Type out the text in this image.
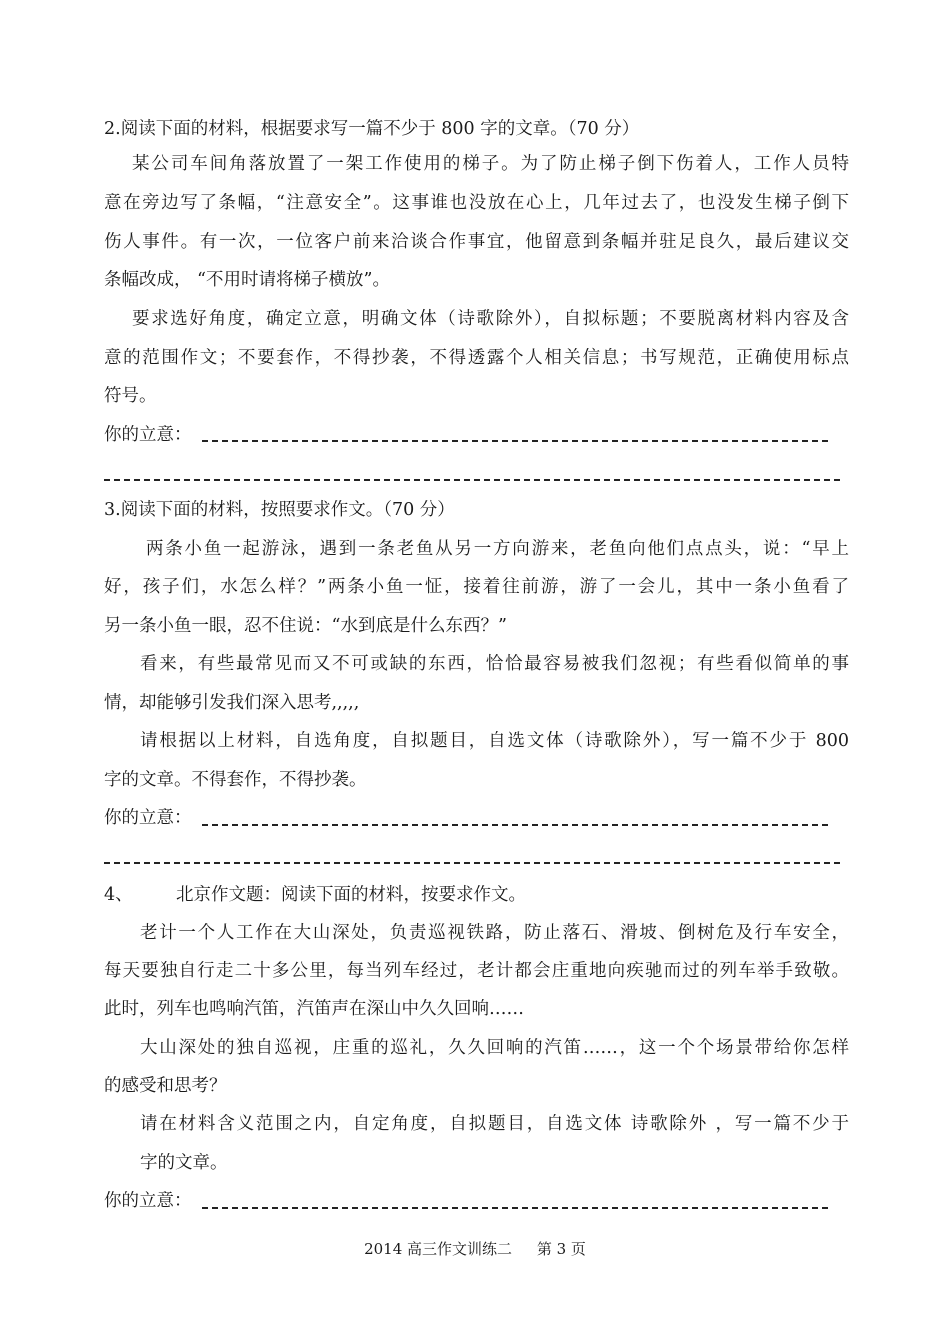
2.阅读下面的材料，根据要求写一篇不少于 800 字的文章。（70 分）
某公司车间角落放置了一架工作使用的梯子。为了防止梯子倒下伤着人，工作人员特
意在旁边写了条幅，“注意安全”。这事谁也没放在心上，几年过去了，也没发生梯子倒下
伤人事件。有一次，一位客户前来洽谈合作事宜，他留意到条幅并驻足良久，最后建议交
条幅改成， “不用时请将梯子横放”。
要求选好角度，确定立意，明确文体（诗歌除外），自拟标题；不要脱离材料内容及含
意的范围作文；不要套作，不得抄袭，不得透露个人相关信息；书写规范，正确使用标点
符号。
你的立意：
3.阅读下面的材料，按照要求作文。（70 分）
两条小鱼一起游泳，遇到一条老鱼从另一方向游来，老鱼向他们点点头，说：“早上
好，孩子们，水怎么样？”两条小鱼一怔，接着往前游，游了一会儿，其中一条小鱼看了
另一条小鱼一眼，忍不住说：“水到底是什么东西？”
看来，有些最常见而又不可或缺的东西，恰恰最容易被我们忽视；有些看似简单的事
情，却能够引发我们深入思考,,,,,
请根据以上材料，自选角度，自拟题目，自选文体（诗歌除外），写一篇不少于 800
字的文章。不得套作，不得抄袭。
你的立意：
4、 北京作文题：阅读下面的材料，按要求作文。
老计一个人工作在大山深处，负责巡视铁路，防止落石、滑坡、倒树危及行车安全，
每天要独自行走二十多公里，每当列车经过，老计都会庄重地向疾驰而过的列车举手致敬。
此时，列车也鸣响汽笛，汽笛声在深山中久久回响……
大山深处的独自巡视，庄重的巡礼，久久回响的汽笛……，这一个个场景带给你怎样
的感受和思考？
请在材料含义范围之内，自定角度，自拟题目，自选文体 诗歌除外 ，写一篇不少于
字的文章。
你的立意：
2014 高三作文训练二 第 3 页
